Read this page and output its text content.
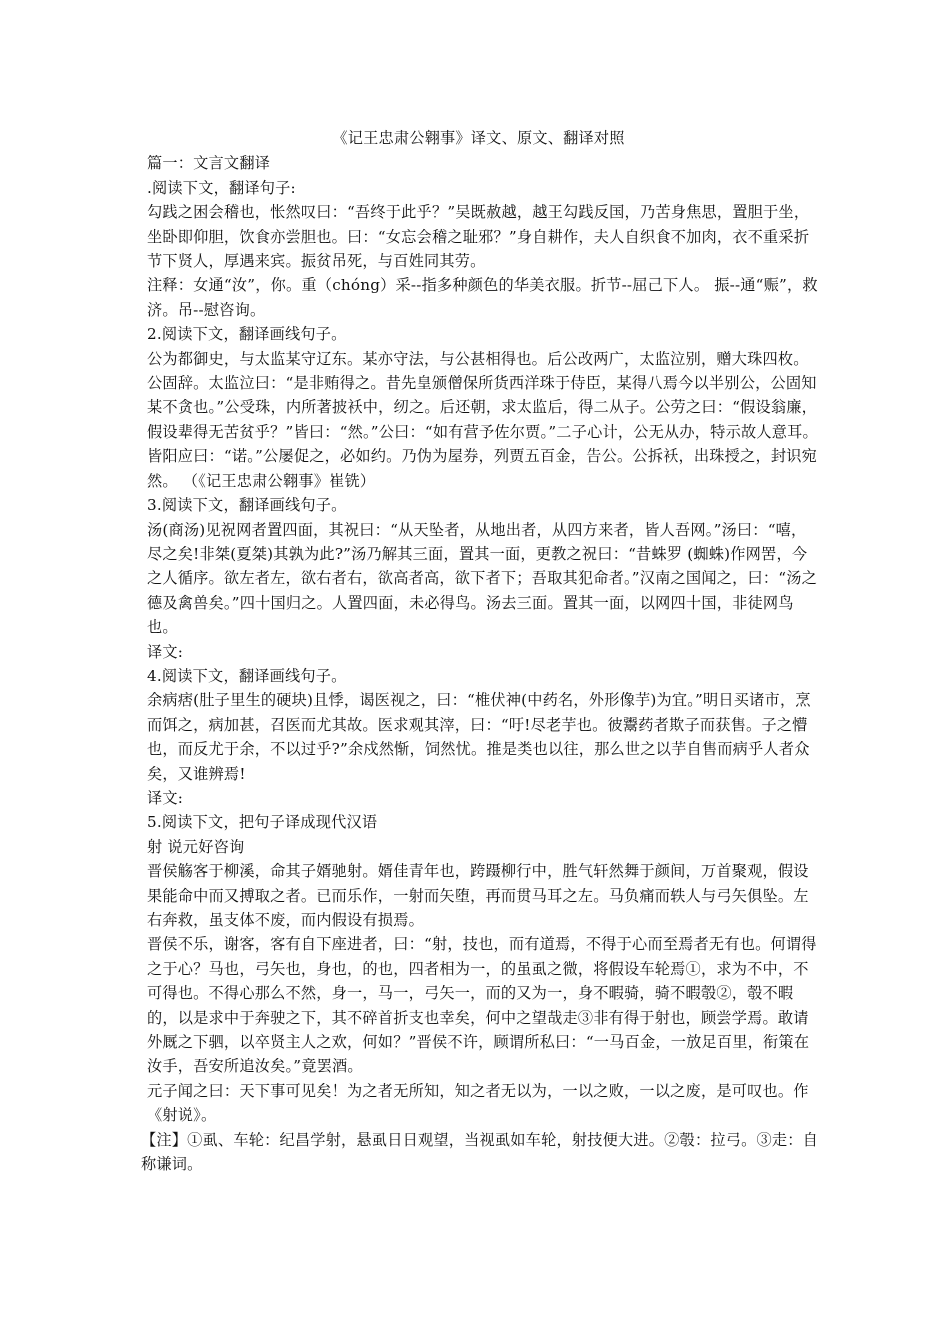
《记王忠肃公翱事》译文、原文、翻译对照

篇一：文言文翻译

.阅读下文，翻译句子:

勾践之困会稽也，怅然叹曰：“吾终于此乎？”吴既赦越，越王勾践反国，乃苦身焦思，置胆于坐，坐卧即仰胆，饮食亦尝胆也。曰：“女忘会稽之耻邪？”身自耕作，夫人自织食不加肉，衣不重采折节下贤人，厚遇来宾。振贫吊死，与百姓同其劳。

注释：女通“汝”，你。重（chóng）采--指多种颜色的华美衣服。折节--屈己下人。 振--通“赈”，救济。吊--慰咨询。

2.阅读下文，翻译画线句子。

公为都御史，与太监某守辽东。某亦守法，与公甚相得也。后公改两广，太监泣别，赠大珠四枚。公固辞。太监泣曰：“是非贿得之。昔先皇颁僧保所货西洋珠于侍臣，某得八焉今以半别公，公固知某不贪也。”公受珠，内所著披袄中，纫之。后还朝，求太监后，得二从子。公劳之曰：“假设翁廉，假设辈得无苦贫乎？”皆曰：“然。”公曰：“如有营予佐尔贾。”二子心计，公无从办，特示故人意耳。皆阳应曰：“诺。”公屡促之，必如约。乃伪为屋券，列贾五百金，告公。公拆袄，出珠授之，封识宛然。 （《记王忠肃公翱事》崔铣）

3.阅读下文，翻译画线句子。

汤(商汤)见祝网者置四面，其祝曰：“从天坠者，从地出者，从四方来者，皆人吾网。”汤曰：“嘻，尽之矣!非桀(夏桀)其孰为此?”汤乃解其三面，置其一面，更教之祝曰：“昔蛛罗 (蜘蛛)作网罟，今之人循序。欲左者左，欲右者右，欲高者高，欲下者下；吾取其犯命者。”汉南之国闻之，曰：“汤之德及禽兽矣。”四十国归之。人置四面，未必得鸟。汤去三面。置其一面，以网四十国，非徒网鸟也。

译文:

4.阅读下文，翻译画线句子。

余病痞(肚子里生的硬块)且悸，谒医视之，曰：“椎伏神(中药名，外形像芋)为宜。”明日买诸市，烹而饵之，病加甚，召医而尤其故。医求观其滓，曰：“吁!尽老芋也。彼鬻药者欺子而获售。子之懵也，而反尤于余，不以过乎?”余戍然惭，饲然忧。推是类也以往，那么世之以芋自售而病乎人者众矣，又谁辨焉!

译文:

5.阅读下文，把句子译成现代汉语

射 说元好咨询

晋侯觞客于柳溪，命其子婿驰射。婿佳青年也，跨蹑柳行中，胜气轩然舞于颜间，万首聚观，假设果能命中而又搏取之者。已而乐作，一射而矢堕，再而贯马耳之左。马负痛而轶人与弓矢俱坠。左右奔救，虽支体不废，而内假设有损焉。

晋侯不乐，谢客，客有自下座进者，曰：“射，技也，而有道焉，不得于心而至焉者无有也。何谓得之于心？马也，弓矢也，身也，的也，四者相为一，的虽虱之微，将假设车轮焉①，求为不中，不可得也。不得心那么不然，身一，马一，弓矢一，而的又为一，身不暇骑，骑不暇彀②，彀不暇的，以是求中于奔驶之下，其不碎首折支也幸矣，何中之望哉走③非有得于射也，顾尝学焉。敢请外厩之下驷，以卒贤主人之欢，何如？”晋侯不许，顾谓所私曰：“一马百金，一放足百里，衔策在汝手，吾安所追汝矣。”竟罢酒。

元子闻之曰：天下事可见矣！为之者无所知，知之者无以为，一以之败，一以之废，是可叹也。作《射说》。

【注】①虱、车轮：纪昌学射，悬虱日日观望，当视虱如车轮，射技便大进。②彀：拉弓。③走：自称谦词。
